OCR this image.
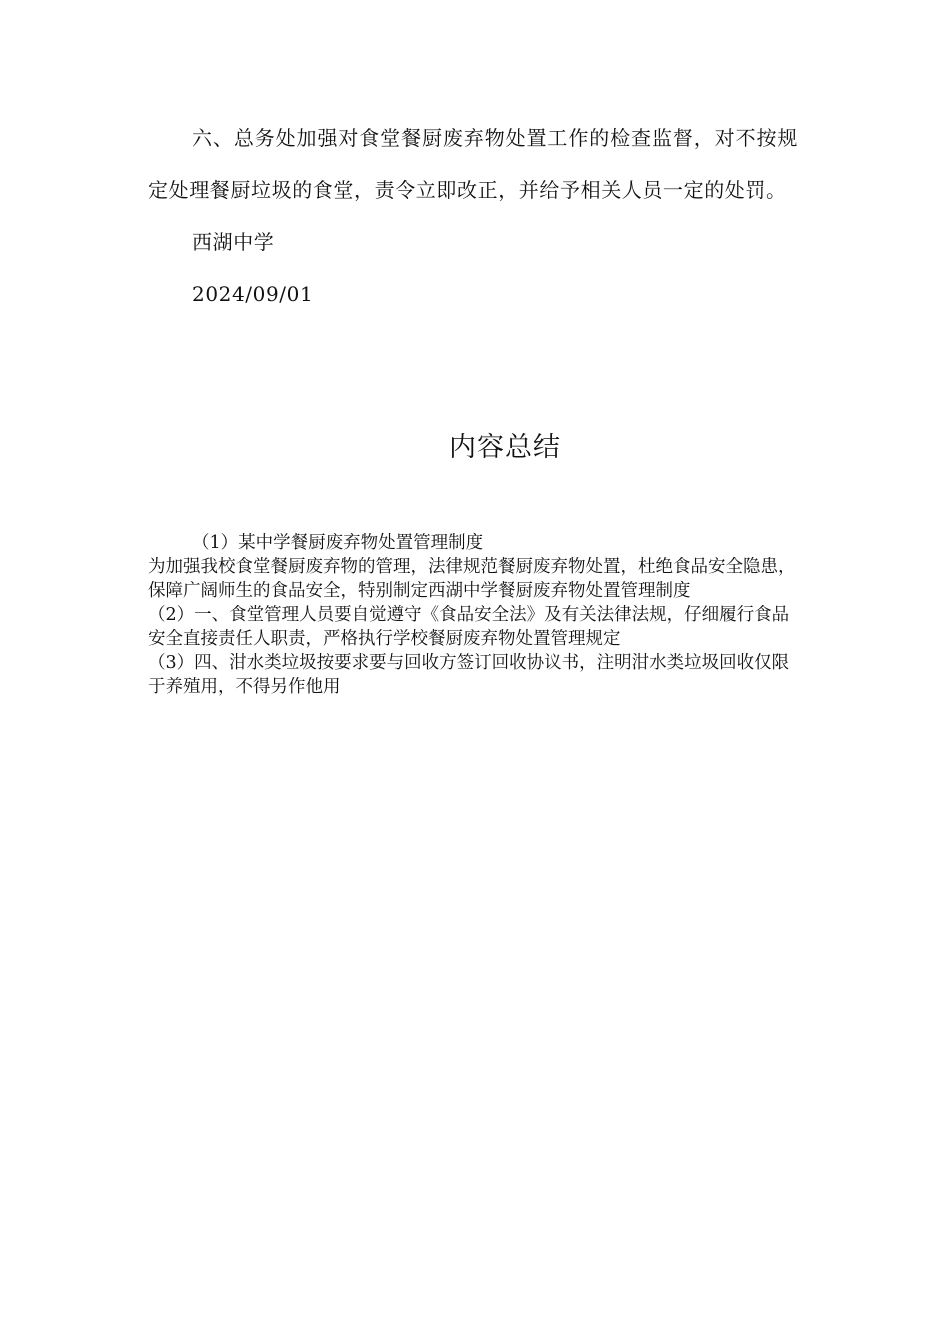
六、总务处加强对食堂餐厨废弃物处置工作的检查监督，对不按规定处理餐厨垃圾的食堂，责令立即改正，并给予相关人员一定的处罚。

西湖中学

2024/09/01

内容总结

（1）某中学餐厨废弃物处置管理制度

为加强我校食堂餐厨废弃物的管理，法律规范餐厨废弃物处置，杜绝食品安全隐患，保障广阔师生的食品安全，特别制定西湖中学餐厨废弃物处置管理制度

（2）一、食堂管理人员要自觉遵守《食品安全法》及有关法律法规，仔细履行食品安全直接责任人职责，严格执行学校餐厨废弃物处置管理规定

（3）四、泔水类垃圾按要求要与回收方签订回收协议书，注明泔水类垃圾回收仅限于养殖用，不得另作他用
